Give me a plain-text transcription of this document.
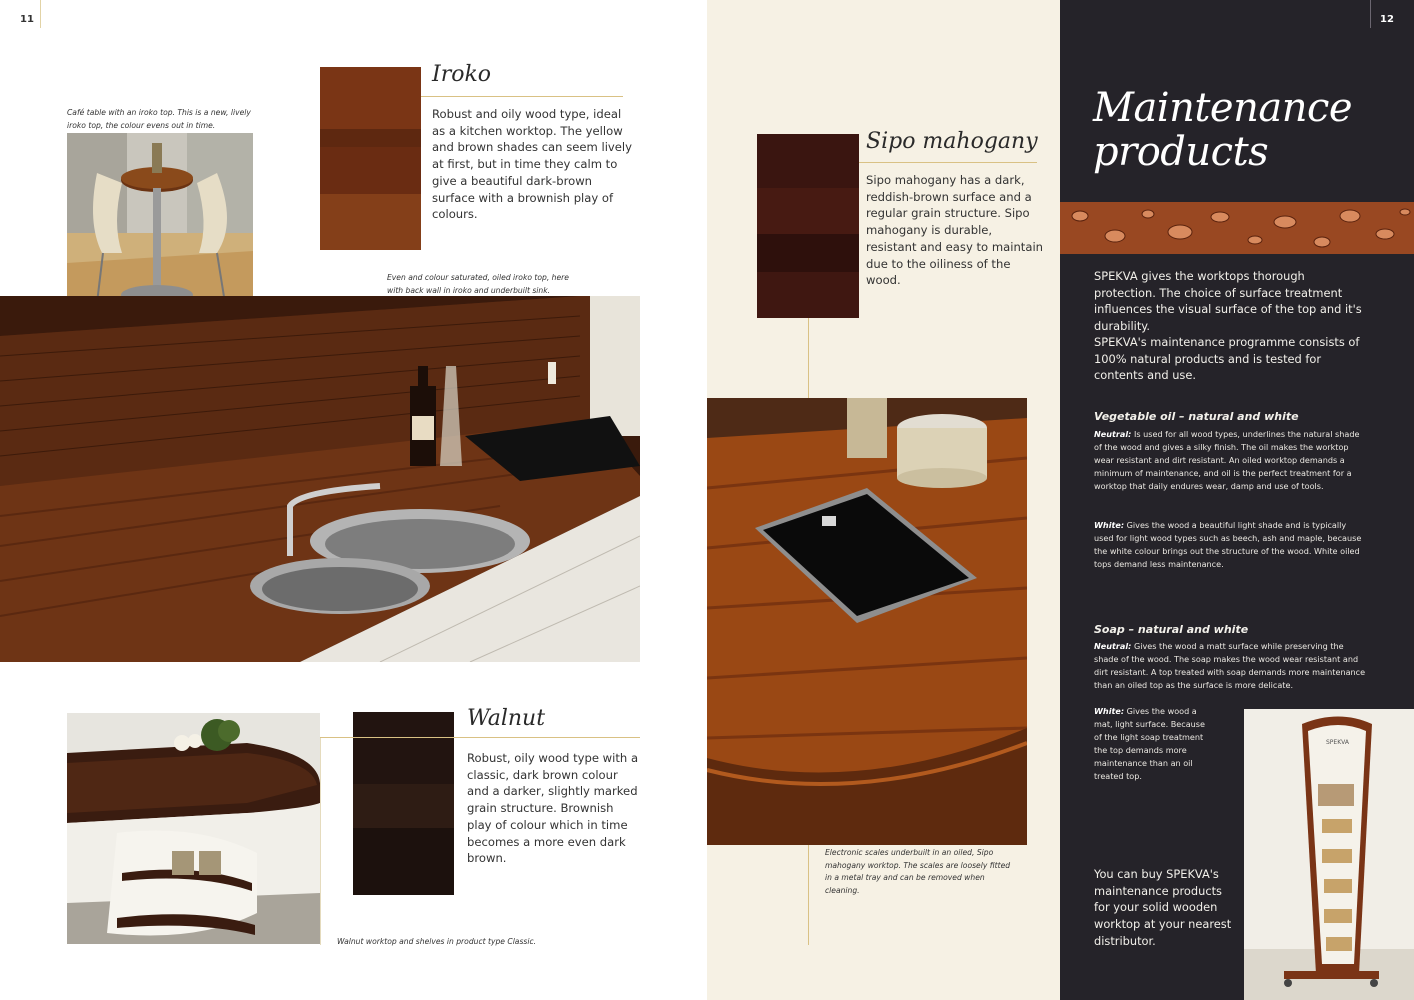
11	12
Café table with an iroko top. This is a new, lively iroko top, the colour evens out in time.
Iroko
Robust and oily wood type, ideal as a kitchen worktop. The yellow and brown shades can seem lively at first, but in time they calm to give a beautiful dark-brown surface with a brownish play of colours.
Even and colour saturated, oiled iroko top, here with back wall in iroko and underbuilt sink.
Walnut worktop and shelves in product type Classic.
Walnut
Robust, oily wood type with a classic, dark brown colour and a darker, slightly marked grain structure. Brownish play of colour which in time becomes a more even dark brown.
Sipo mahogany
Sipo mahogany has a dark, reddish-brown surface and a regular grain structure. Sipo mahogany is durable, resistant and easy to maintain due to the oiliness of the wood.
Electronic scales underbuilt in an oiled, Sipo mahogany worktop. The scales are loosely fitted in a metal tray and can be removed when cleaning.
Maintenance products
SPEKVA gives the worktops thorough protection. The choice of surface treatment influences the visual surface of the top and it's durability.
SPEKVA's maintenance programme consists of 100% natural products and is tested for contents and use.
Vegetable oil – natural and white
Neutral: Is used for all wood types, underlines the natural shade of the wood and gives a silky finish. The oil makes the worktop wear resistant and dirt resistant. An oiled worktop demands a minimum of maintenance, and oil is the perfect treatment for a worktop that daily endures wear, damp and use of tools.
White: Gives the wood a beautiful light shade and is typically used for light wood types such as beech, ash and maple, because the white colour brings out the structure of the wood. White oiled tops demand less maintenance.
Soap – natural and white
Neutral: Gives the wood a matt surface while preserving the shade of the wood. The soap makes the wood wear resistant and dirt resistant. A top treated with soap demands more maintenance than an oiled top as the surface is more delicate.
White: Gives the wood a mat, light surface. Because of the light soap treatment the top demands more maintenance than an oil treated top.
You can buy SPEKVA's maintenance products for your solid wooden worktop at your nearest distributor.
SPEKVA
